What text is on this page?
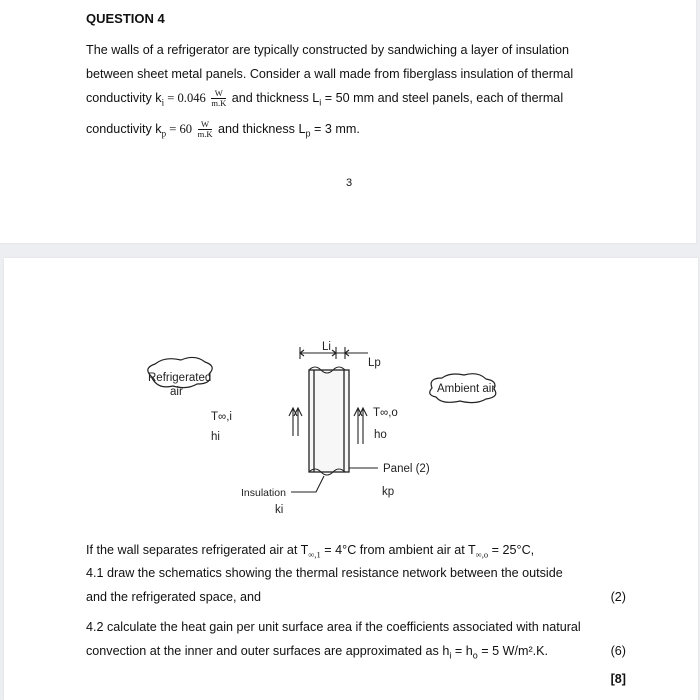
QUESTION 4
The walls of a refrigerator are typically constructed by sandwiching a layer of insulation
between sheet metal panels. Consider a wall made from fiberglass insulation of thermal
conductivity $k_i = 0.046 \frac{W}{m.K}$ and thickness $L_i = 50$ mm and steel panels, each of thermal
conductivity $k_p = 60 \frac{W}{m.K}$ and thickness $L_p = 3$ mm.
3
Refrigerated
air	Ambient air
Li
Lp
T∞,i
hi
T∞,o
ho
Panel (2)
kp
Insulation
ki
If the wall separates refrigerated air at $T_{\infty,1} = 4^\circ C$ from ambient air at $T_{\infty,o} = 25^\circ C$,
4.1 draw the schematics showing the thermal resistance network between the outside
and the refrigerated space, and	(2)
4.2 calculate the heat gain per unit surface area if the coefficients associated with natural
convection at the inner and outer surfaces are approximated as $h_i = h_o = 5$ W/m².K.	(6)
[8]
